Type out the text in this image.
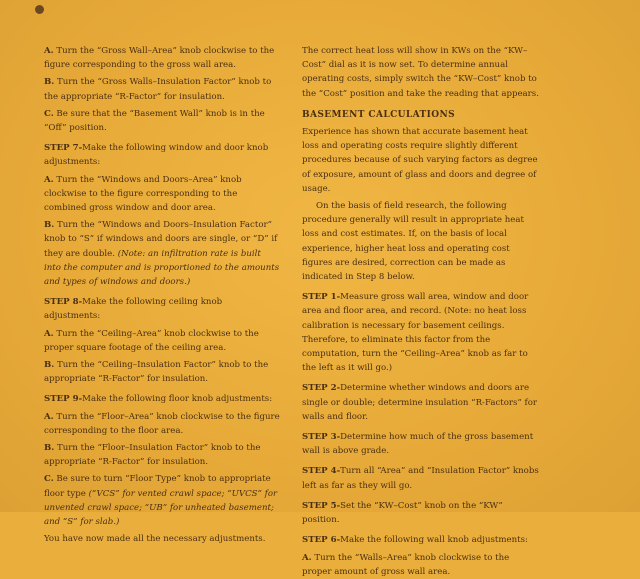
A. Turn the “Gross Wall–Area” knob clockwise to the figure corresponding to the gross wall area.

B. Turn the “Gross Walls–Insulation Factor” knob to the appropriate “R-Factor” for insulation.

C. Be sure that the “Basement Wall” knob is in the “Off” position.

STEP 7-Make the following window and door knob adjustments:

A. Turn the “Windows and Doors–Area” knob clockwise to the figure corresponding to the combined gross window and door area.

B. Turn the “Windows and Doors–Insulation Factor” knob to “S” if windows and doors are single, or “D” if they are double. (Note: an infiltration rate is built into the computer and is proportioned to the amounts and types of windows and doors.)

STEP 8-Make the following ceiling knob adjustments:

A. Turn the “Ceiling–Area” knob clockwise to the proper square footage of the ceiling area.

B. Turn the “Ceiling–Insulation Factor” knob to the appropriate “R-Factor” for insulation.

STEP 9-Make the following floor knob adjustments:

A. Turn the “Floor–Area” knob clockwise to the figure corresponding to the floor area.

B. Turn the “Floor–Insulation Factor” knob to the appropriate “R-Factor” for insulation.

C. Be sure to turn “Floor Type” knob to appropriate floor type (“VCS” for vented crawl space; “UVCS” for unvented crawl space; “UB” for unheated basement; and “S” for slab.)

You have now made all the necessary adjustments.

The correct heat loss will show in KWs on the “KW–Cost” dial as it is now set. To determine annual operating costs, simply switch the “KW–Cost” knob to the “Cost” position and take the reading that appears.

BASEMENT CALCULATIONS

Experience has shown that accurate basement heat loss and operating costs require slightly different procedures because of such varying factors as degree of exposure, amount of glass and doors and degree of usage.

On the basis of field research, the following procedure generally will result in appropriate heat loss and cost estimates. If, on the basis of local experience, higher heat loss and operating cost figures are desired, correction can be made as indicated in Step 8 below.

STEP 1-Measure gross wall area, window and door area and floor area, and record. (Note: no heat loss calibration is necessary for basement ceilings. Therefore, to eliminate this factor from the computation, turn the “Ceiling–Area” knob as far to the left as it will go.)

STEP 2-Determine whether windows and doors are single or double; determine insulation “R-Factors” for walls and floor.

STEP 3-Determine how much of the gross basement wall is above grade.

STEP 4-Turn all “Area” and “Insulation Factor” knobs left as far as they will go.

STEP 5-Set the “KW–Cost” knob on the “KW” position.

STEP 6-Make the following wall knob adjustments:

A. Turn the “Walls–Area” knob clockwise to the proper amount of gross wall area.
